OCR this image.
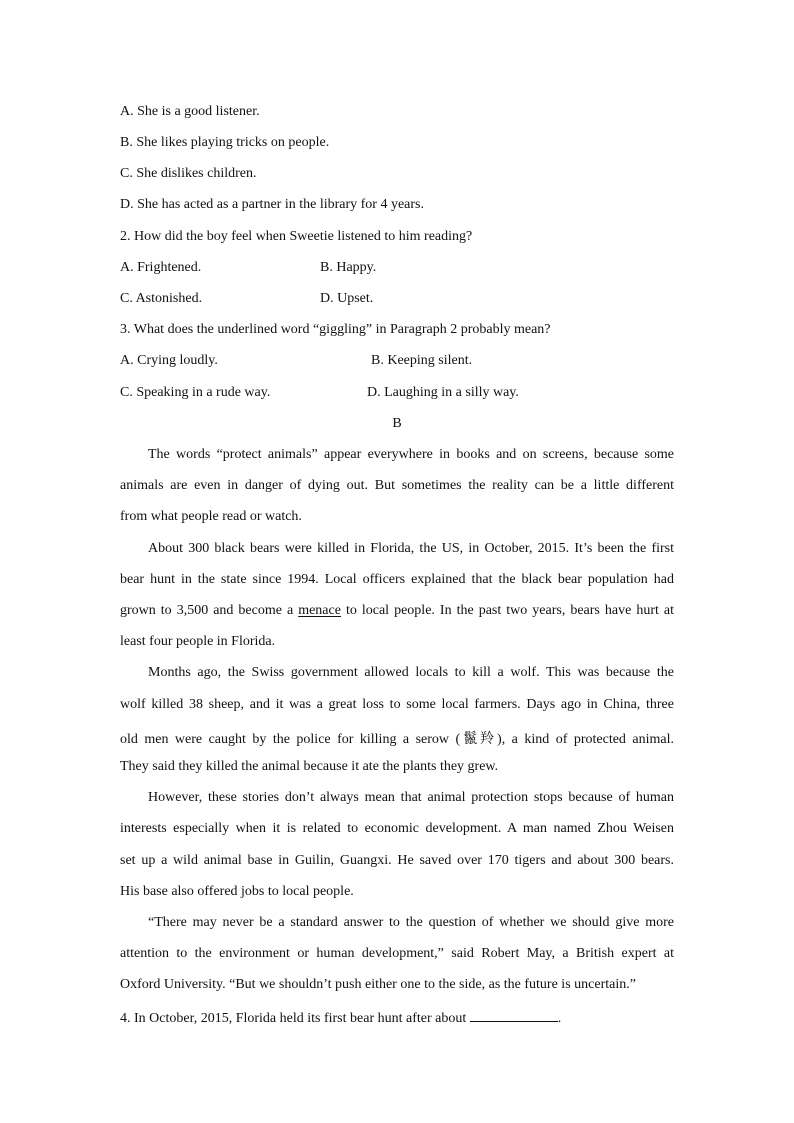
A. She is a good listener.
B. She likes playing tricks on people.
C. She dislikes children.
D. She has acted as a partner in the library for 4 years.
2. How did the boy feel when Sweetie listened to him reading?
A. Frightened.	B. Happy.
C. Astonished.	D. Upset.
3. What does the underlined word “giggling” in Paragraph 2 probably mean?
A. Crying loudly.	B. Keeping silent.
C. Speaking in a rude way.	D. Laughing in a silly way.
B
The words “protect animals” appear everywhere in books and on screens, because some
animals are even in danger of dying out. But sometimes the reality can be a little different
from what people read or watch.
About 300 black bears were killed in Florida, the US, in October, 2015. It’s been the first
bear hunt in the state since 1994. Local officers explained that the black bear population had
grown to 3,500 and become a menace to local people. In the past two years, bears have hurt at
least four people in Florida.
Months ago, the Swiss government allowed locals to kill a wolf. This was because the
wolf killed 38 sheep, and it was a great loss to some local farmers. Days ago in China, three
old men were caught by the police for killing a serow (鬣羚), a kind of protected animal.
They said they killed the animal because it ate the plants they grew.
However, these stories don’t always mean that animal protection stops because of human
interests especially when it is related to economic development. A man named Zhou Weisen
set up a wild animal base in Guilin, Guangxi. He saved over 170 tigers and about 300 bears.
His base also offered jobs to local people.
“There may never be a standard answer to the question of whether we should give more
attention to the environment or human development,” said Robert May, a British expert at
Oxford University. “But we shouldn’t push either one to the side, as the future is uncertain.”
4. In October, 2015, Florida held its first bear hunt after about	.
